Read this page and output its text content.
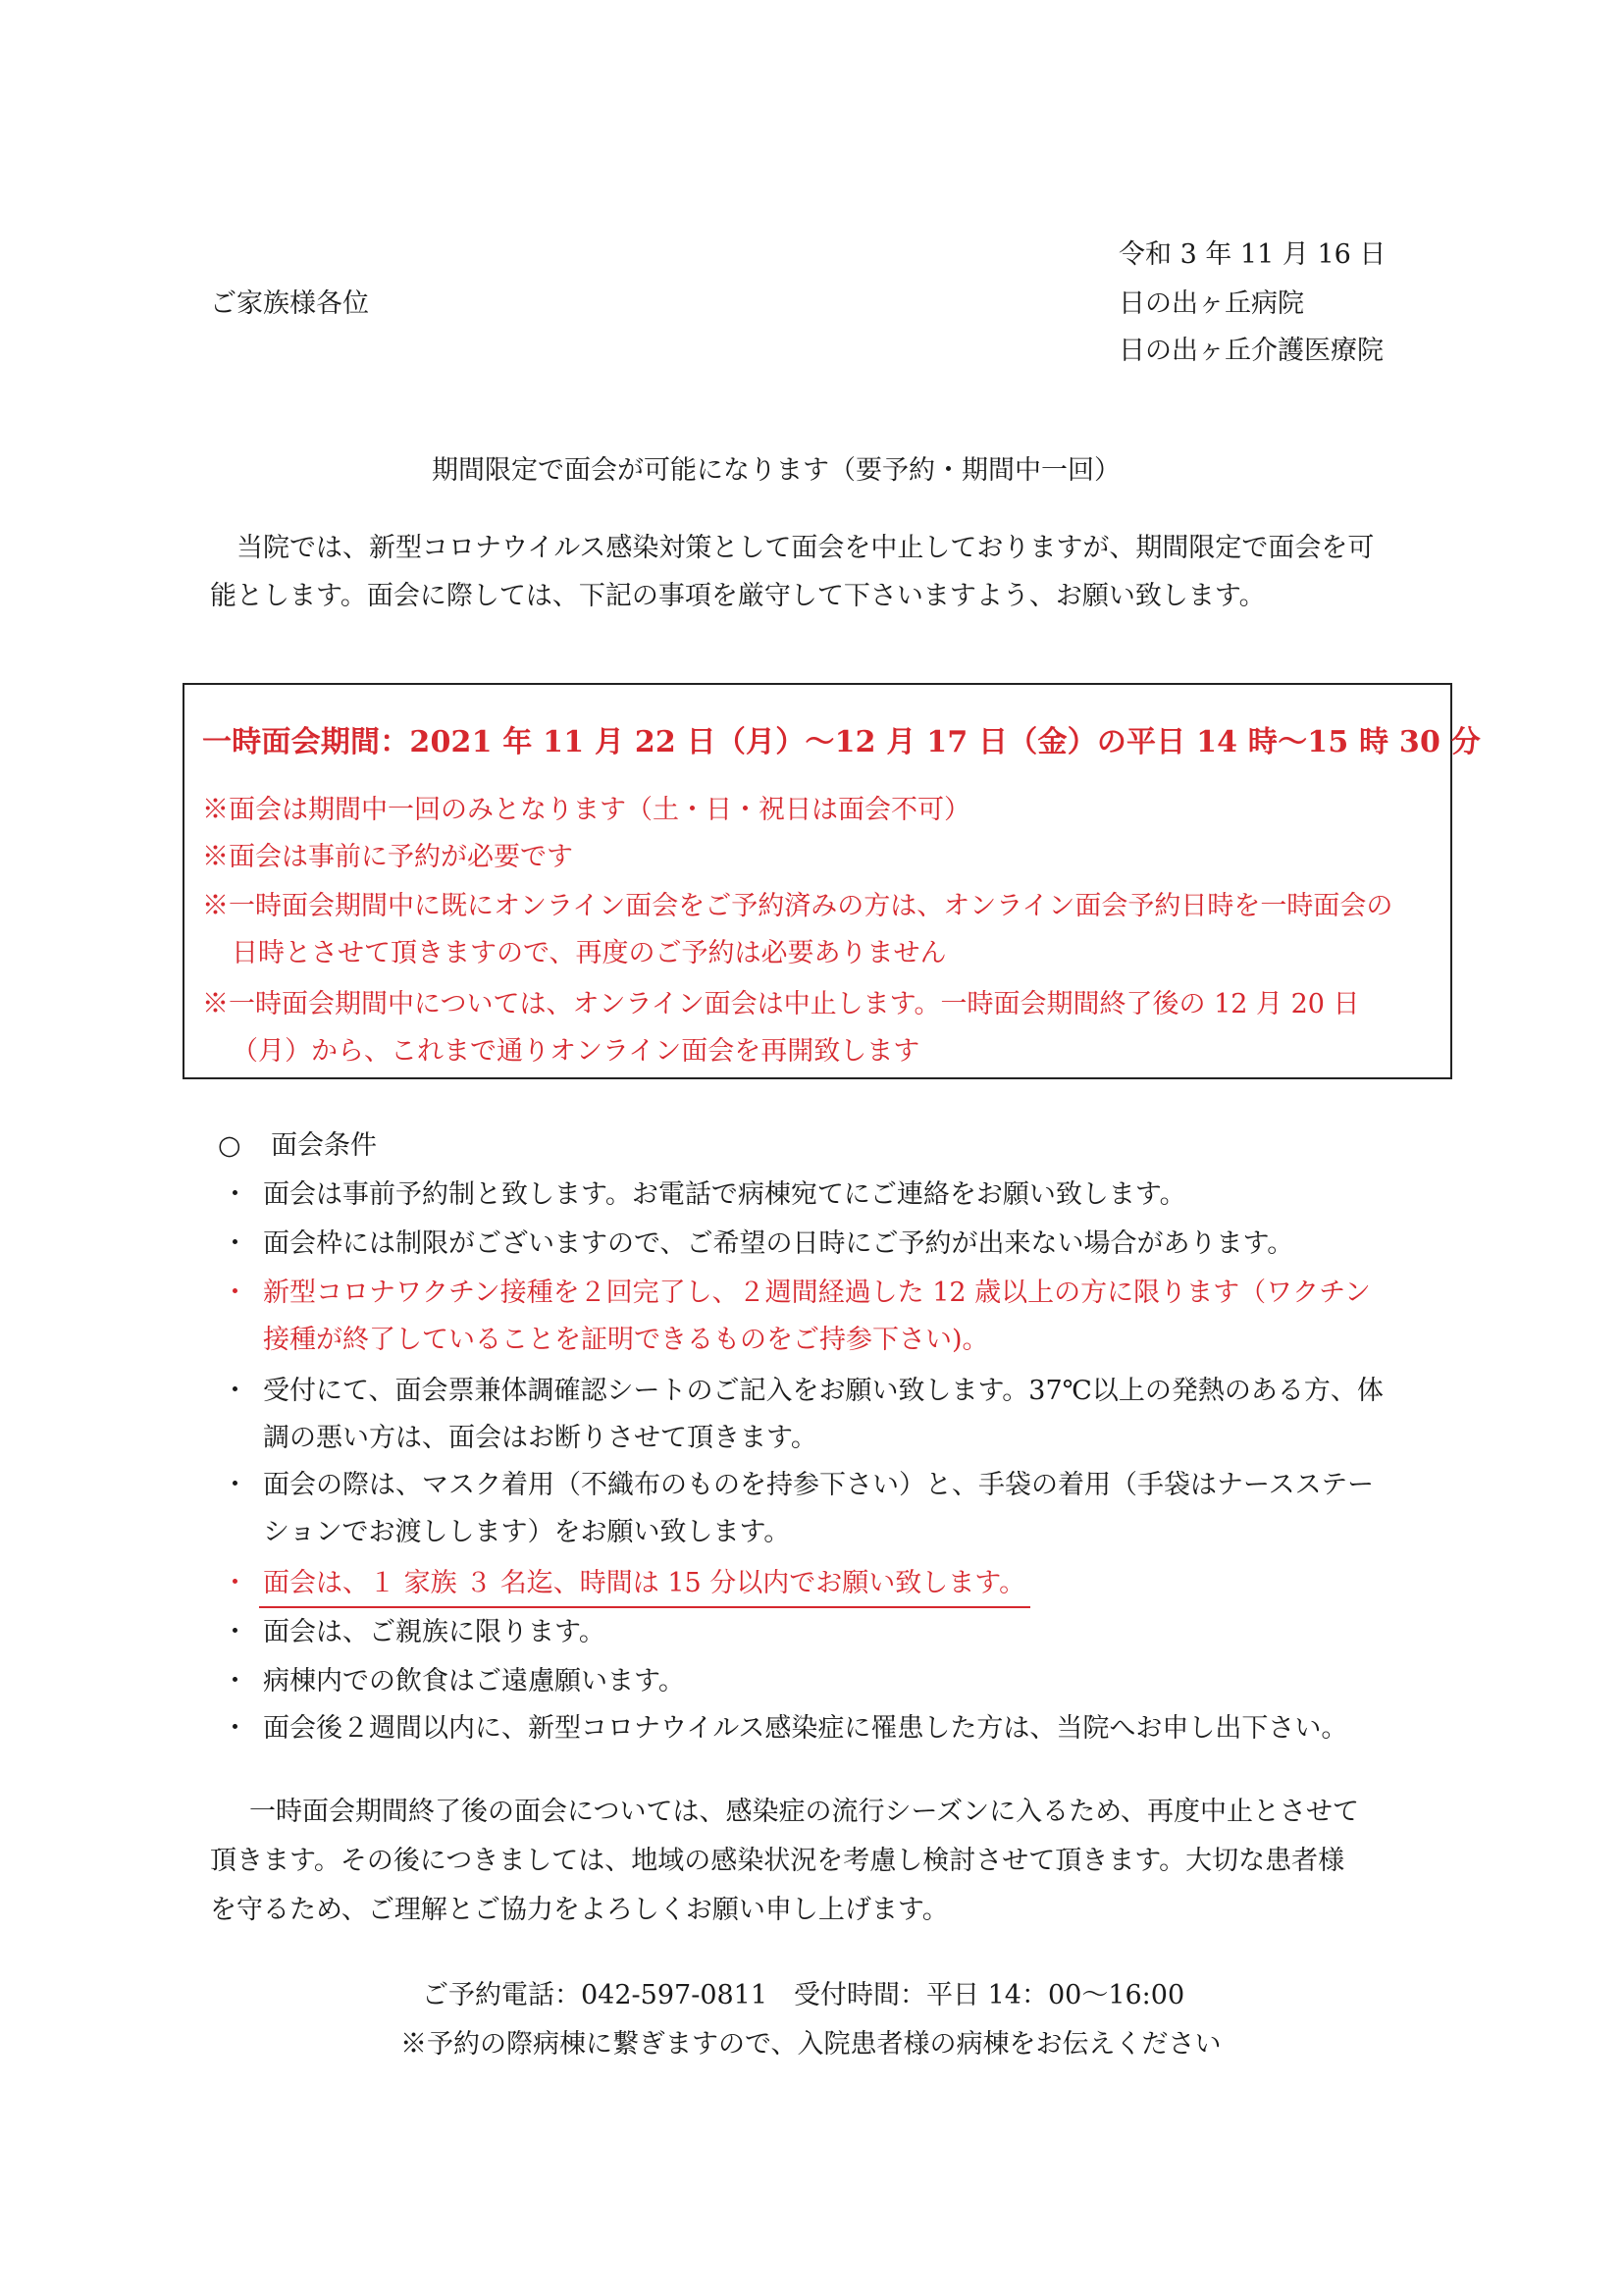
令和 3 年 11 月 16 日
ご家族様各位	日の出ヶ丘病院
日の出ヶ丘介護医療院
期間限定で面会が可能になります（要予約・期間中一回）
当院では、新型コロナウイルス感染対策として面会を中止しておりますが、期間限定で面会を可
能とします。面会に際しては、下記の事項を厳守して下さいますよう、お願い致します。
一時面会期間：2021 年 11 月 22 日（月）～12 月 17 日（金）の平日 14 時～15 時 30 分
※面会は期間中一回のみとなります（土・日・祝日は面会不可）
※面会は事前に予約が必要です
※一時面会期間中に既にオンライン面会をご予約済みの方は、オンライン面会予約日時を一時面会の
日時とさせて頂きますので、再度のご予約は必要ありません
※一時面会期間中については、オンライン面会は中止します。一時面会期間終了後の 12 月 20 日
（月）から、これまで通りオンライン面会を再開致します
○ 面会条件
・ 面会は事前予約制と致します。お電話で病棟宛てにご連絡をお願い致します。
・ 面会枠には制限がございますので、ご希望の日時にご予約が出来ない場合があります。
・ 新型コロナワクチン接種を２回完了し、２週間経過した 12 歳以上の方に限ります（ワクチン
接種が終了していることを証明できるものをご持参下さい)。
・ 受付にて、面会票兼体調確認シートのご記入をお願い致します。37℃以上の発熱のある方、体
調の悪い方は、面会はお断りさせて頂きます。
・ 面会の際は、マスク着用（不織布のものを持参下さい）と、手袋の着用（手袋はナースステー
ションでお渡しします）をお願い致します。
・ 面会は、１ 家族 ３ 名迄、時間は 15 分以内でお願い致します。
・ 面会は、ご親族に限ります。
・ 病棟内での飲食はご遠慮願います。
・ 面会後２週間以内に、新型コロナウイルス感染症に罹患した方は、当院へお申し出下さい。
一時面会期間終了後の面会については、感染症の流行シーズンに入るため、再度中止とさせて
頂きます。その後につきましては、地域の感染状況を考慮し検討させて頂きます。大切な患者様
を守るため、ご理解とご協力をよろしくお願い申し上げます。
ご予約電話：042-597-0811　受付時間：平日 14：00～16:00
※予約の際病棟に繋ぎますので、入院患者様の病棟をお伝えください
